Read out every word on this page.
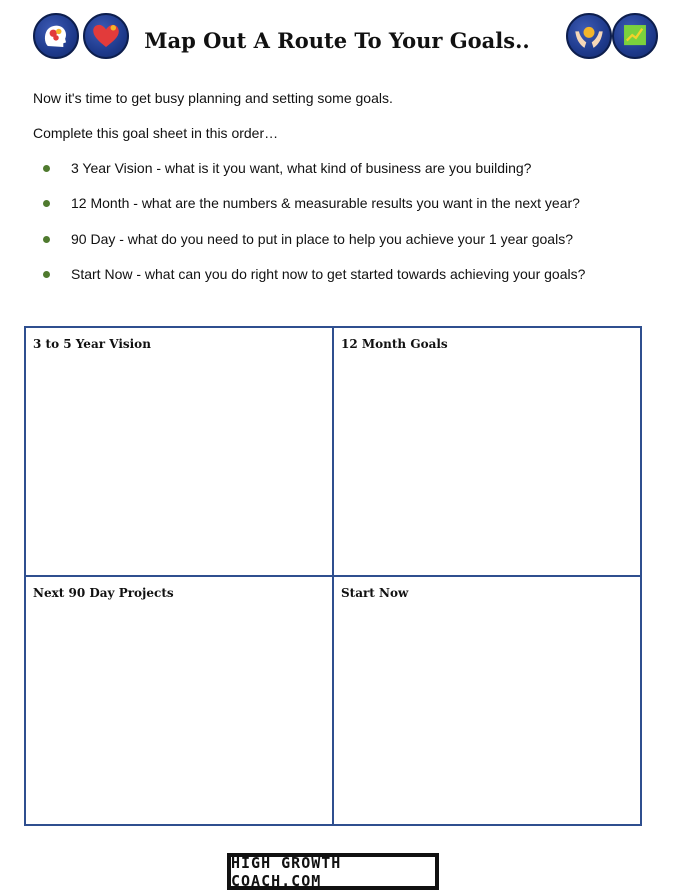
Map Out A Route To Your Goals..
Now it's time to get busy planning and setting some goals.
Complete this goal sheet in this order…
3 Year Vision - what is it you want, what kind of business are you building?
12 Month - what are the numbers & measurable results you want in the next year?
90 Day - what do you need to put in place to help you achieve your 1 year goals?
Start Now - what can you do right now to get started towards achieving your goals?
3 to 5 Year Vision	12 Month Goals
Next 90 Day Projects	Start Now
HIGH GROWTH COACH.COM
